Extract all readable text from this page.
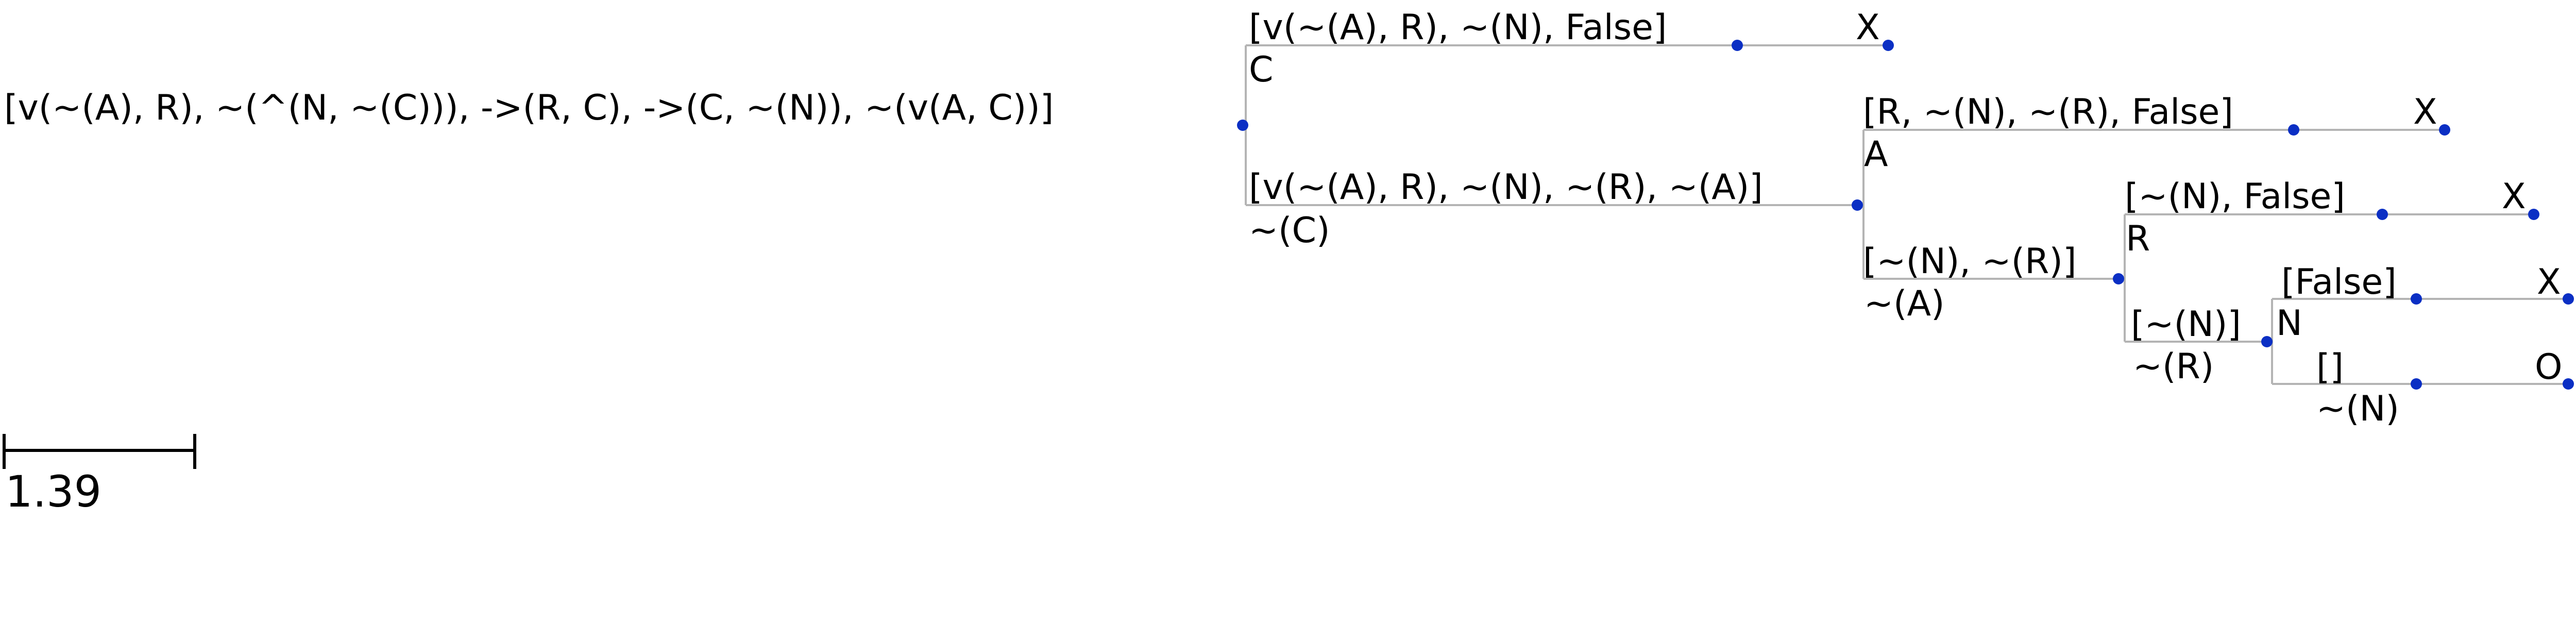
[v(~(A), R), ~(^(N, ~(C))), ->(R, C), ->(C, ~(N)), ~(v(A, C))]
[v(~(A), R), ~(N), False]	X
[v(~(A), R), ~(N), ~(R), ~(A)]
[R, ~(N), ~(R), False]	X
[~(N), ~(R)]
[~(N), False]	X
[~(N)]
[False]	X
[]	O
C
~(C)
A
~(A)
R
~(R)
N
~(N)
1.39
